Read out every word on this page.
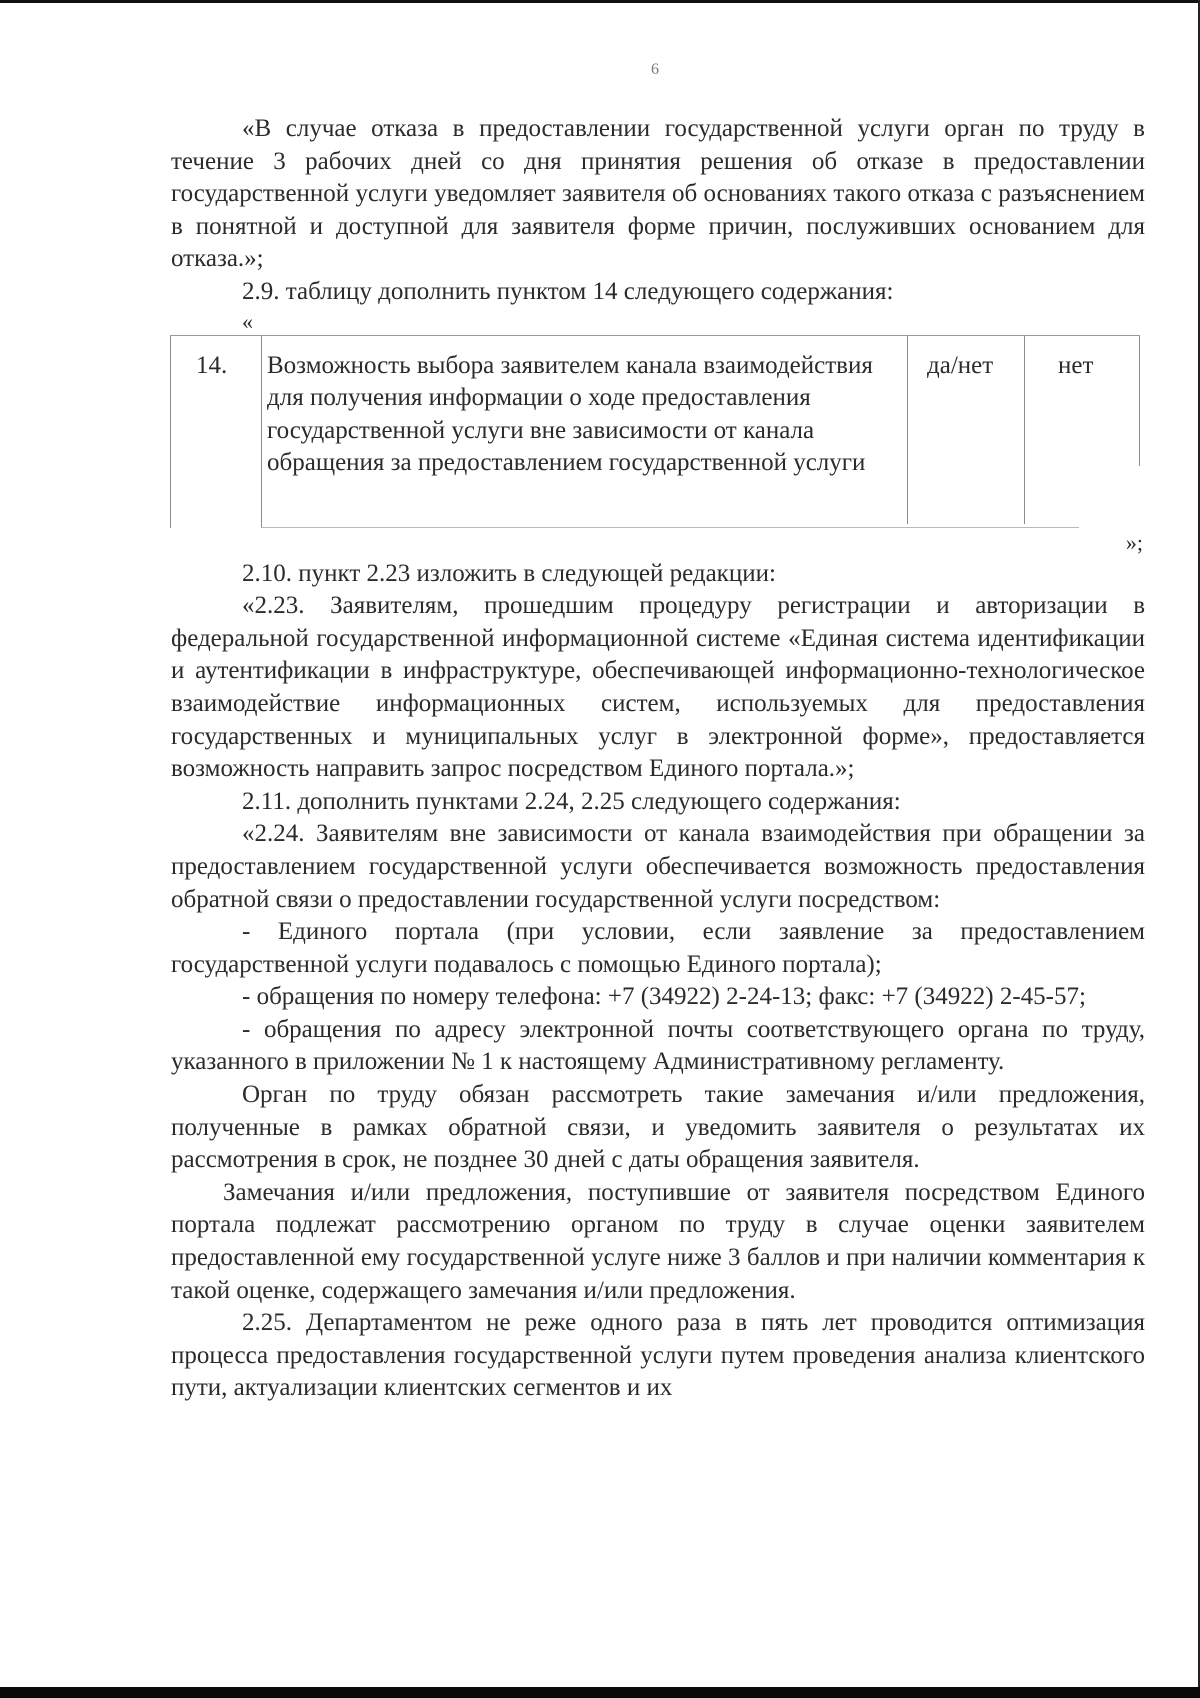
6

«В случае отказа в предоставлении государственной услуги орган по труду в течение 3 рабочих дней со дня принятия решения об отказе в предоставлении государственной услуги уведомляет заявителя об основаниях такого отказа с разъяснением в понятной и доступной для заявителя форме причин, послуживших основанием для отказа.»;

2.9. таблицу дополнить пунктом 14 следующего содержания:

«

14.	Возможность выбора заявителем канала взаимодействия для получения информации о ходе предоставления государственной услуги вне зависимости от канала обращения за предоставлением государственной услуги
да/нет	нет

»;

2.10. пункт 2.23 изложить в следующей редакции:

«2.23. Заявителям, прошедшим процедуру регистрации и авторизации в федеральной государственной информационной системе «Единая система идентификации и аутентификации в инфраструктуре, обеспечивающей информационно-технологическое взаимодействие информационных систем, используемых для предоставления государственных и муниципальных услуг в электронной форме», предоставляется возможность направить запрос посредством Единого портала.»;

2.11. дополнить пунктами 2.24, 2.25 следующего содержания:

«2.24. Заявителям вне зависимости от канала взаимодействия при обращении за предоставлением государственной услуги обеспечивается возможность предоставления обратной связи о предоставлении государственной услуги посредством:

- Единого портала (при условии, если заявление за предоставлением государственной услуги подавалось с помощью Единого портала);

- обращения по номеру телефона: +7 (34922) 2-24-13; факс: +7 (34922) 2-45-57;

- обращения по адресу электронной почты соответствующего органа по труду, указанного в приложении № 1 к настоящему Административному регламенту.

Орган по труду обязан рассмотреть такие замечания и/или предложения, полученные в рамках обратной связи, и уведомить заявителя о результатах их рассмотрения в срок, не позднее 30 дней с даты обращения заявителя.

Замечания и/или предложения, поступившие от заявителя посредством Единого портала подлежат рассмотрению органом по труду в случае оценки заявителем предоставленной ему государственной услуге ниже 3 баллов и при наличии комментария к такой оценке, содержащего замечания и/или предложения.

2.25. Департаментом не реже одного раза в пять лет проводится оптимизация процесса предоставления государственной услуги путем проведения анализа клиентского пути, актуализации клиентских сегментов и их
